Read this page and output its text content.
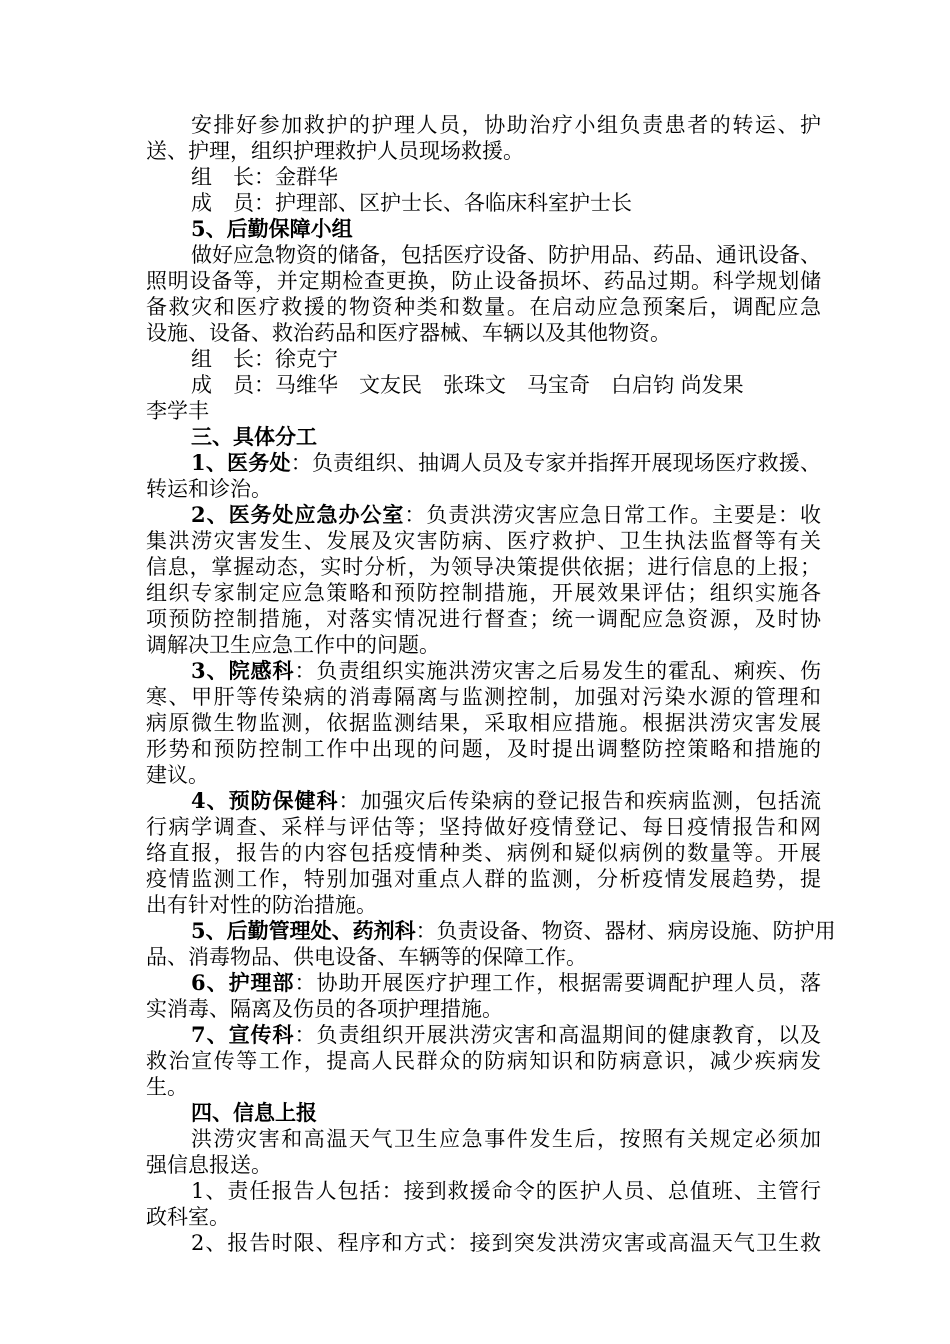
安排好参加救护的护理人员，协助治疗小组负责患者的转运、护
送、护理，组织护理救护人员现场救援。
组　长：金群华
成　员：护理部、区护士长、各临床科室护士长
5、后勤保障小组
做好应急物资的储备，包括医疗设备、防护用品、药品、通讯设备、
照明设备等，并定期检查更换，防止设备损坏、药品过期。科学规划储
备救灾和医疗救援的物资种类和数量。在启动应急预案后，调配应急
设施、设备、救治药品和医疗器械、车辆以及其他物资。
组　长：徐克宁
成　员：马维华　文友民　张珠文　马宝奇　白启钧 尚发果
李学丰
三、具体分工
1、医务处：负责组织、抽调人员及专家并指挥开展现场医疗救援、
转运和诊治。
2、医务处应急办公室：负责洪涝灾害应急日常工作。主要是：收
集洪涝灾害发生、发展及灾害防病、医疗救护、卫生执法监督等有关
信息，掌握动态，实时分析，为领导决策提供依据；进行信息的上报；
组织专家制定应急策略和预防控制措施，开展效果评估；组织实施各
项预防控制措施，对落实情况进行督查；统一调配应急资源，及时协
调解决卫生应急工作中的问题。
3、院感科：负责组织实施洪涝灾害之后易发生的霍乱、痢疾、伤
寒、甲肝等传染病的消毒隔离与监测控制，加强对污染水源的管理和
病原微生物监测，依据监测结果，采取相应措施。根据洪涝灾害发展
形势和预防控制工作中出现的问题，及时提出调整防控策略和措施的
建议。
4、预防保健科：加强灾后传染病的登记报告和疾病监测，包括流
行病学调查、采样与评估等；坚持做好疫情登记、每日疫情报告和网
络直报，报告的内容包括疫情种类、病例和疑似病例的数量等。开展
疫情监测工作，特别加强对重点人群的监测，分析疫情发展趋势，提
出有针对性的防治措施。
5、后勤管理处、药剂科：负责设备、物资、器材、病房设施、防护用
品、消毒物品、供电设备、车辆等的保障工作。
6、护理部：协助开展医疗护理工作，根据需要调配护理人员，落
实消毒、隔离及伤员的各项护理措施。
7、宣传科：负责组织开展洪涝灾害和高温期间的健康教育，以及
救治宣传等工作，提高人民群众的防病知识和防病意识，减少疾病发
生。
四、信息上报
洪涝灾害和高温天气卫生应急事件发生后，按照有关规定必须加
强信息报送。
1、责任报告人包括：接到救援命令的医护人员、总值班、主管行
政科室。
2、报告时限、程序和方式：接到突发洪涝灾害或高温天气卫生救
